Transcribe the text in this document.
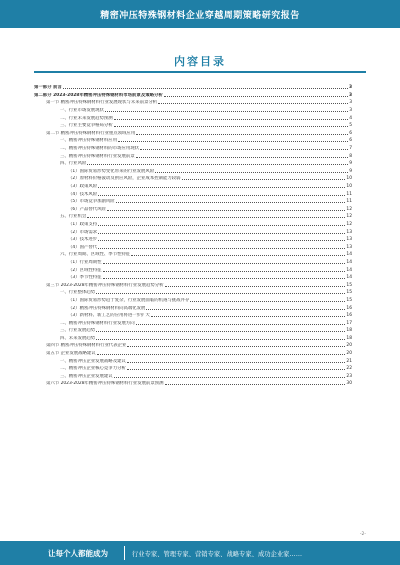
精密冲压特殊钢材料企业穿越周期策略研究报告
内容目录
第一部分 前言	3
第二部分 2023-2028年精密冲压特殊钢材料市场前景及策略分析	3
第一节 精密冲压特殊钢材料行业发展现状与未来前景分析	3
一、行业市场发展现状	3
二、行业未来发展趋势预测	4
三、行业主要竞争格局分析	5
第二节 精密冲压特殊钢材料行业重点领域应用	6
一、精密冲压特殊钢材料应用	6
二、精密冲压特殊钢材料的市场应用现状	7
三、精密冲压特殊钢材料行业发展前景	8
四、行业风险	9
（1）国际贸易形势变化带来的行业发展风险	9
（2）原材料价格波动及供应风险，企业成本控制能力较弱	10
（3）政策风险	10
（4）技术风险	11
（5）市场竞争加剧风险	11
（6）产品替代风险	12
五、行业机会	12
（1）政策支持	12
（2）市场需求	13
（3）技术进步	13
（4）国产替代	13
六、行业周期、区域性、季节性特征	14
（1）行业周期性	14
（2）区域性特征	14
（3）季节性特征	14
第三节 2023-2028年精密冲压特殊钢材料行业发展趋势分析	15
一、行业整体趋势	15
（1）国际贸易形势趋于复杂，行业发展面临的机遇与挑战并存	15
（2）精密冲压特殊钢材料向高端化发展	16
（3）新材料、新工艺的应用将进一步扩大	16
二、精密冲压特殊钢材料行业发展方向	17
三、行业发展趋势	18
四、未来发展趋势	18
第四节 精密冲压特殊钢材料行业代表企业	20
第五节 企业发展战略建议	20
一、精密冲压企业发展战略及建议	21
二、精密冲压企业核心竞争力分析	22
三、精密冲压企业发展建议	23
第六节 2023-2028年精密冲压特殊钢材料行业发展前景预测	30
-2-
让每个人都能成为	行业专家、管理专家、营销专家、战略专家、成功企业家……
